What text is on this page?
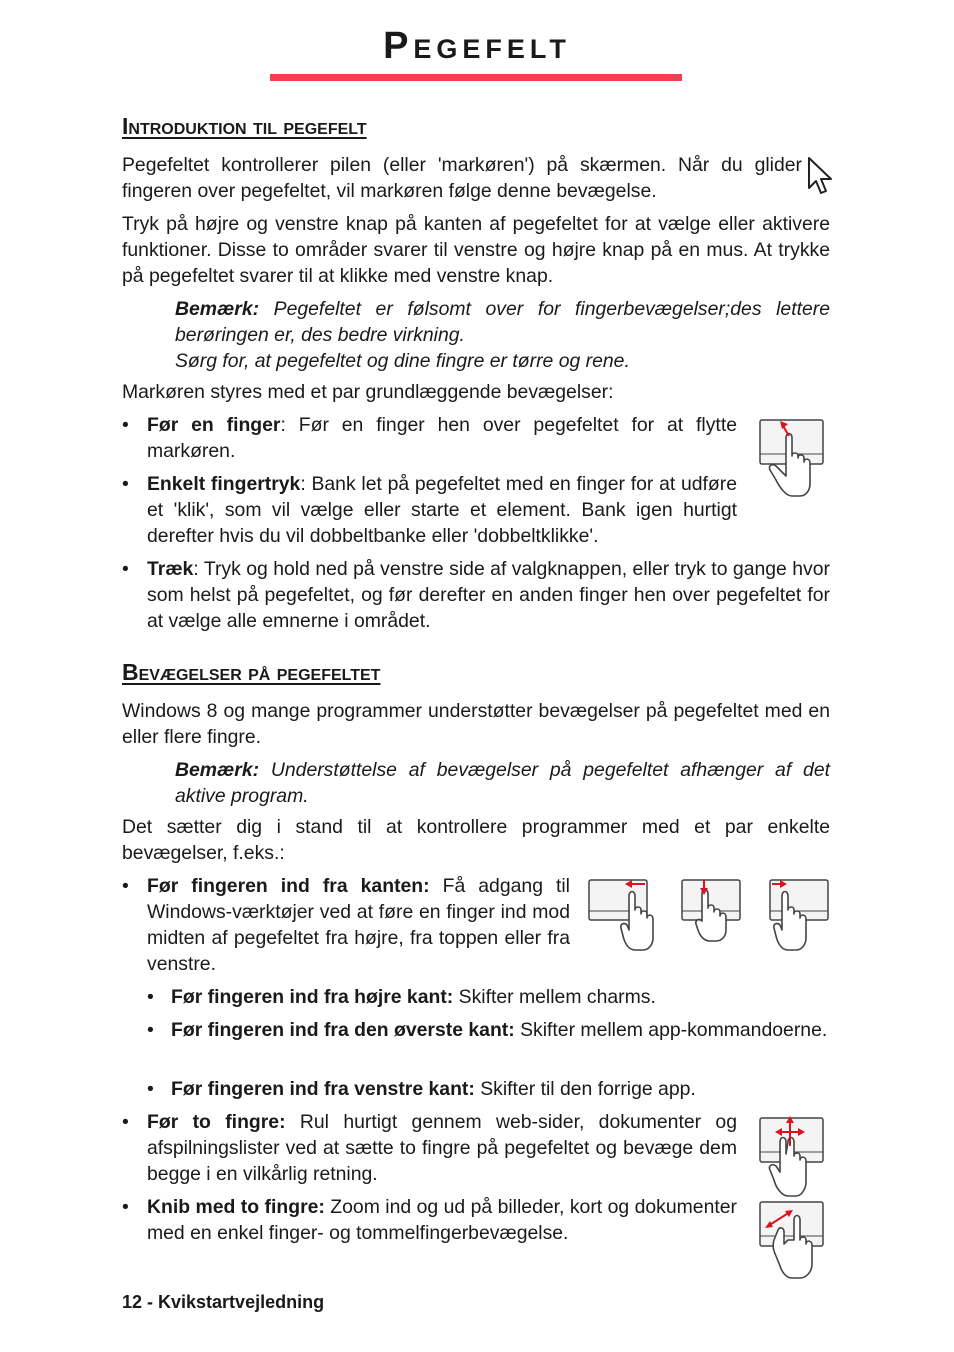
Pegefelt
Introduktion til pegefelt

Pegefeltet kontrollerer pilen (eller 'markøren') på skærmen. Når du glider fingeren over pegefeltet, vil markøren følge denne bevægelse.

Tryk på højre og venstre knap på kanten af pegefeltet for at vælge eller aktivere funktioner. Disse to områder svarer til venstre og højre knap på en mus. At trykke på pegefeltet svarer til at klikke med venstre knap.

Bemærk: Pegefeltet er følsomt over for fingerbevægelser;des lettere berøringen er, des bedre virkning.
Sørg for, at pegefeltet og dine fingre er tørre og rene.

Markøren styres med et par grundlæggende bevægelser:

• Før en finger: Før en finger hen over pegefeltet for at flytte markøren.
• Enkelt fingertryk: Bank let på pegefeltet med en finger for at udføre et 'klik', som vil vælge eller starte et element. Bank igen hurtigt derefter hvis du vil dobbeltbanke eller 'dobbeltklikke'.
• Træk: Tryk og hold ned på venstre side af valgknappen, eller tryk to gange hvor som helst på pegefeltet, og før derefter en anden finger hen over pegefeltet for at vælge alle emnerne i området.
Bevægelser på pegefeltet

Windows 8 og mange programmer understøtter bevægelser på pegefeltet med en eller flere fingre.

Bemærk: Understøttelse af bevægelser på pegefeltet afhænger af det aktive program.

Det sætter dig i stand til at kontrollere programmer med et par enkelte bevægelser, f.eks.:

• Før fingeren ind fra kanten: Få adgang til Windows-værktøjer ved at føre en finger ind mod midten af pegefeltet fra højre, fra toppen eller fra venstre.
• Før fingeren ind fra højre kant: Skifter mellem charms.
• Før fingeren ind fra den øverste kant: Skifter mellem app-kommandoerne.
• Før fingeren ind fra venstre kant: Skifter til den forrige app.
• Før to fingre: Rul hurtigt gennem web-sider, dokumenter og afspilningslister ved at sætte to fingre på pegefeltet og bevæge dem begge i en vilkårlig retning.
• Knib med to fingre: Zoom ind og ud på billeder, kort og dokumenter med en enkel finger- og tommelfingerbevægelse.
12 - Kvikstartvejledning
